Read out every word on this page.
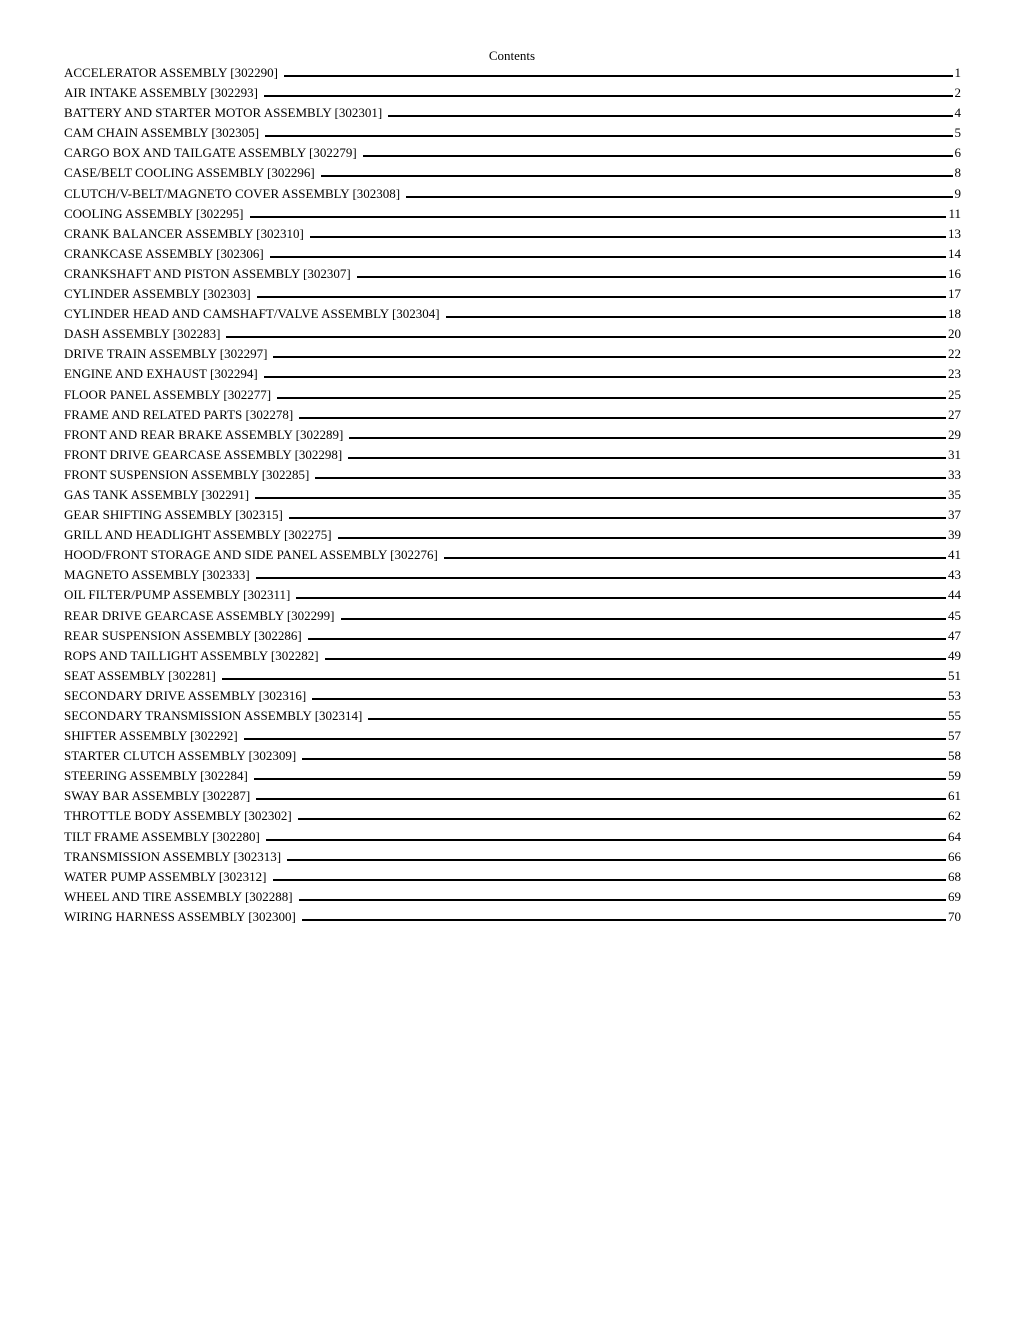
Contents
ACCELERATOR ASSEMBLY [302290]	1
AIR INTAKE ASSEMBLY [302293]	2
BATTERY AND STARTER MOTOR ASSEMBLY [302301]	4
CAM CHAIN ASSEMBLY [302305]	5
CARGO BOX AND TAILGATE ASSEMBLY [302279]	6
CASE/BELT COOLING ASSEMBLY [302296]	8
CLUTCH/V-BELT/MAGNETO COVER ASSEMBLY [302308]	9
COOLING ASSEMBLY [302295]	11
CRANK BALANCER ASSEMBLY [302310]	13
CRANKCASE ASSEMBLY [302306]	14
CRANKSHAFT AND PISTON ASSEMBLY [302307]	16
CYLINDER ASSEMBLY [302303]	17
CYLINDER HEAD AND CAMSHAFT/VALVE ASSEMBLY [302304]	18
DASH ASSEMBLY [302283]	20
DRIVE TRAIN ASSEMBLY [302297]	22
ENGINE AND EXHAUST [302294]	23
FLOOR PANEL ASSEMBLY [302277]	25
FRAME AND RELATED PARTS [302278]	27
FRONT AND REAR BRAKE ASSEMBLY [302289]	29
FRONT DRIVE GEARCASE ASSEMBLY [302298]	31
FRONT SUSPENSION ASSEMBLY [302285]	33
GAS TANK ASSEMBLY [302291]	35
GEAR SHIFTING ASSEMBLY [302315]	37
GRILL AND HEADLIGHT ASSEMBLY [302275]	39
HOOD/FRONT STORAGE AND SIDE PANEL ASSEMBLY [302276]	41
MAGNETO ASSEMBLY [302333]	43
OIL FILTER/PUMP ASSEMBLY [302311]	44
REAR DRIVE GEARCASE ASSEMBLY [302299]	45
REAR SUSPENSION ASSEMBLY [302286]	47
ROPS AND TAILLIGHT ASSEMBLY [302282]	49
SEAT ASSEMBLY [302281]	51
SECONDARY DRIVE ASSEMBLY [302316]	53
SECONDARY TRANSMISSION ASSEMBLY [302314]	55
SHIFTER ASSEMBLY [302292]	57
STARTER CLUTCH ASSEMBLY [302309]	58
STEERING ASSEMBLY [302284]	59
SWAY BAR ASSEMBLY [302287]	61
THROTTLE BODY ASSEMBLY [302302]	62
TILT FRAME ASSEMBLY [302280]	64
TRANSMISSION ASSEMBLY [302313]	66
WATER PUMP ASSEMBLY [302312]	68
WHEEL AND TIRE ASSEMBLY [302288]	69
WIRING HARNESS ASSEMBLY [302300]	70
